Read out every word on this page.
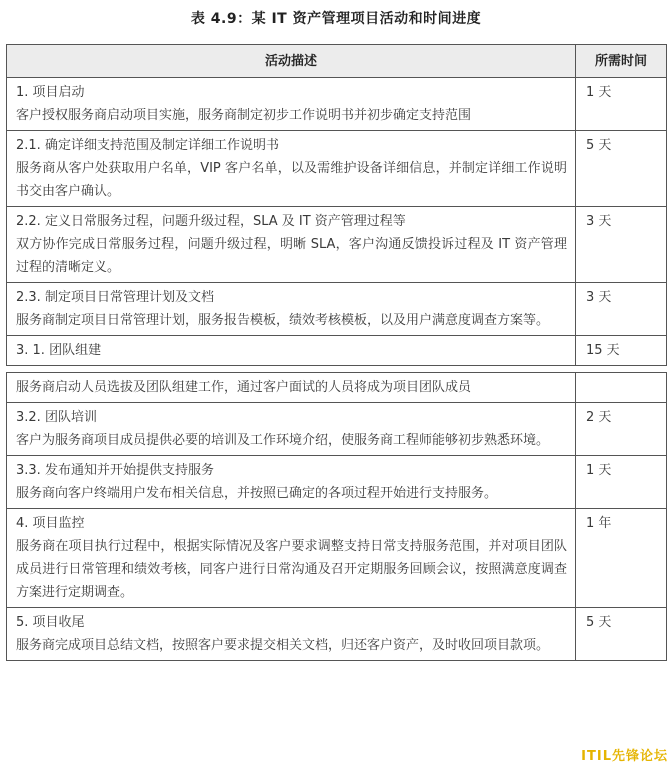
表 4.9：某 IT 资产管理项目活动和时间进度
活动描述	所需时间

1. 项目启动
客户授权服务商启动项目实施，服务商制定初步工作说明书并初步确定支持范围	1 天

2.1. 确定详细支持范围及制定详细工作说明书
服务商从客户处获取用户名单，VIP 客户名单，以及需维护设备详细信息，并制定详细工作说明书交由客户确认。	5 天

2.2. 定义日常服务过程，问题升级过程，SLA 及 IT 资产管理过程等
双方协作完成日常服务过程，问题升级过程，明晰 SLA，客户沟通反馈投诉过程及 IT 资产管理过程的清晰定义。	3 天

2.3. 制定项目日常管理计划及文档
服务商制定项目日常管理计划，服务报告模板，绩效考核模板，以及用户满意度调查方案等。	3 天

3. 1. 团队组建	15 天

服务商启动人员选拔及团队组建工作，通过客户面试的人员将成为项目团队成员	

3.2. 团队培训
客户为服务商项目成员提供必要的培训及工作环境介绍，使服务商工程师能够初步熟悉环境。	2 天

3.3. 发布通知并开始提供支持服务
服务商向客户终端用户发布相关信息，并按照已确定的各项过程开始进行支持服务。	1 天

4. 项目监控
服务商在项目执行过程中，根据实际情况及客户要求调整支持日常支持服务范围，并对项目团队成员进行日常管理和绩效考核，同客户进行日常沟通及召开定期服务回顾会议，按照满意度调查方案进行定期调查。	1 年

5. 项目收尾
服务商完成项目总结文档，按照客户要求提交相关文档，归还客户资产，及时收回项目款项。	5 天
ITIL先锋论坛
